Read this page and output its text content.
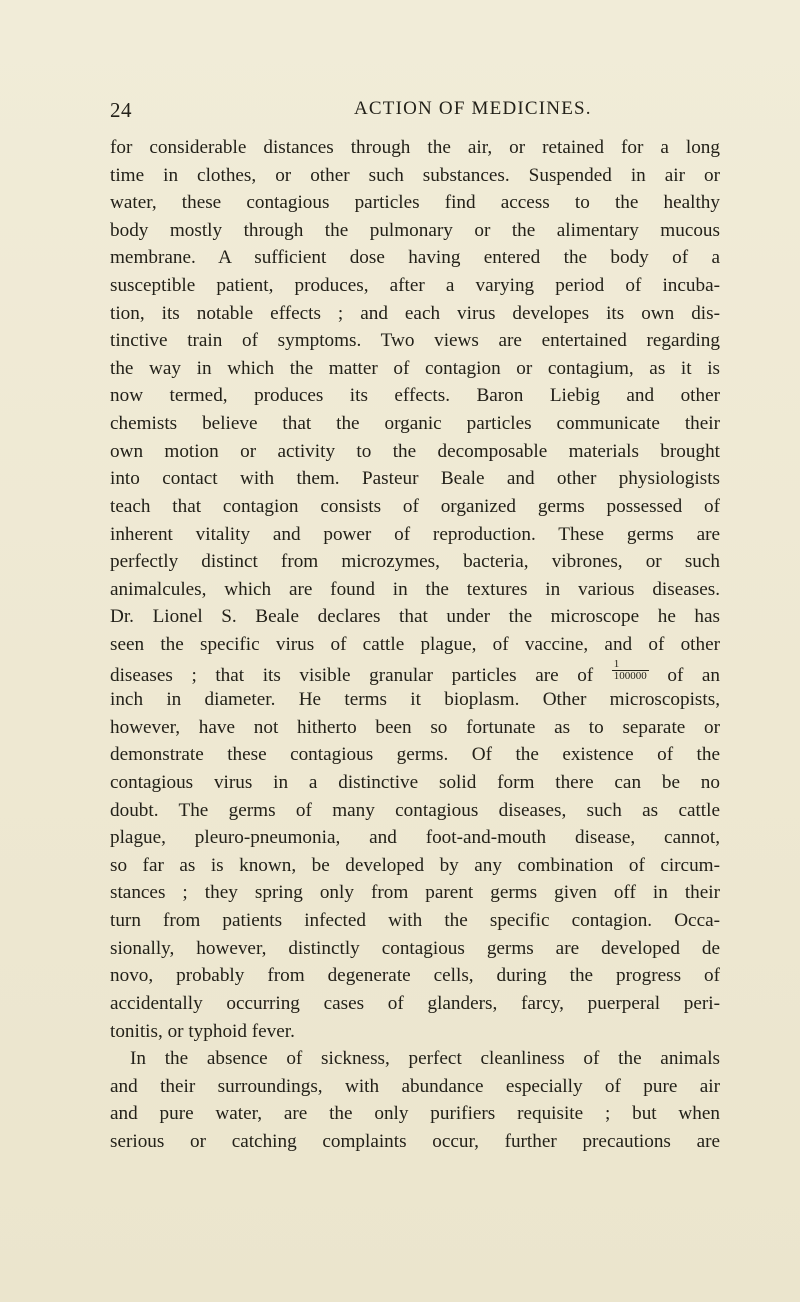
24	ACTION OF MEDICINES.
for considerable distances through the air, or retained for a long
time in clothes, or other such substances. Suspended in air or
water, these contagious particles find access to the healthy
body mostly through the pulmonary or the alimentary mucous
membrane. A sufficient dose having entered the body of a
susceptible patient, produces, after a varying period of incuba-
tion, its notable effects ; and each virus developes its own dis-
tinctive train of symptoms. Two views are entertained regarding
the way in which the matter of contagion or contagium, as it is
now termed, produces its effects. Baron Liebig and other
chemists believe that the organic particles communicate their
own motion or activity to the decomposable materials brought
into contact with them. Pasteur Beale and other physiologists
teach that contagion consists of organized germs possessed of
inherent vitality and power of reproduction. These germs are
perfectly distinct from microzymes, bacteria, vibrones, or such
animalcules, which are found in the textures in various diseases.
Dr. Lionel S. Beale declares that under the microscope he has
seen the specific virus of cattle plague, of vaccine, and of other
diseases ; that its visible granular particles are of $\frac{1}{100000}$ of an
inch in diameter. He terms it bioplasm. Other microscopists,
however, have not hitherto been so fortunate as to separate or
demonstrate these contagious germs. Of the existence of the
contagious virus in a distinctive solid form there can be no
doubt. The germs of many contagious diseases, such as cattle
plague, pleuro-pneumonia, and foot-and-mouth disease, cannot,
so far as is known, be developed by any combination of circum-
stances ; they spring only from parent germs given off in their
turn from patients infected with the specific contagion. Occa-
sionally, however, distinctly contagious germs are developed de
novo, probably from degenerate cells, during the progress of
accidentally occurring cases of glanders, farcy, puerperal peri-
tonitis, or typhoid fever.
In the absence of sickness, perfect cleanliness of the animals
and their surroundings, with abundance especially of pure air
and pure water, are the only purifiers requisite ; but when
serious or catching complaints occur, further precautions are
